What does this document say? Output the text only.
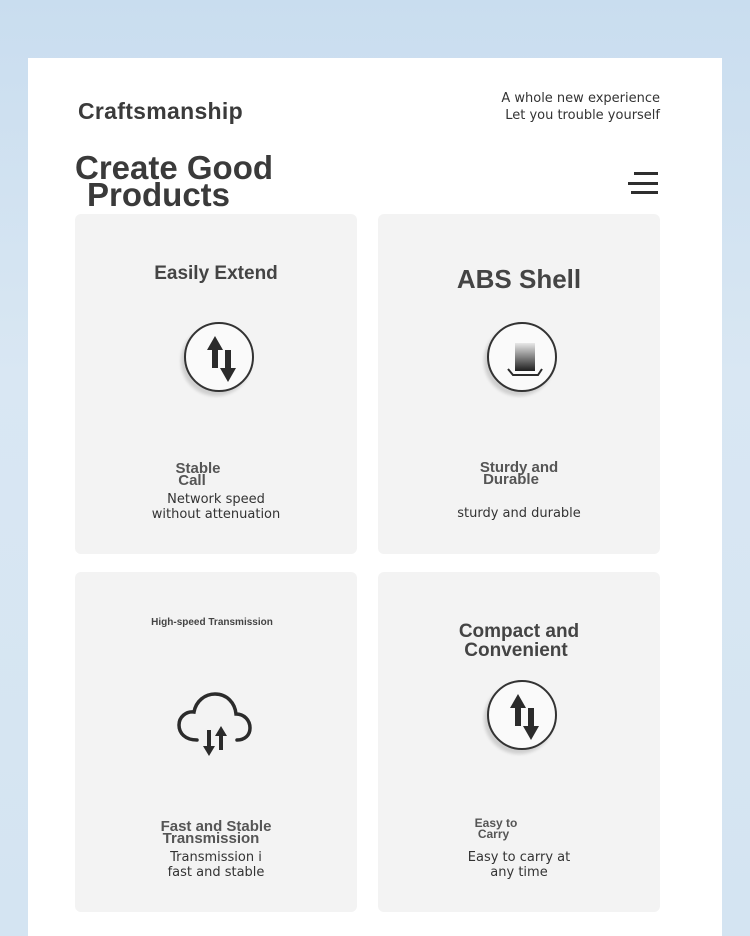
Craftsmanship	A whole new experience
Let you trouble yourself
Create Good
Products
Easily Extend
Stable
Call
Network speed
without attenuation
ABS Shell
Sturdy and
Durable
sturdy and durable
High-speed Transmission
Fast and Stable
Transmission
Transmission i
fast and stable
Compact and
Convenient
Easy to
Carry
Easy to carry at
any time
